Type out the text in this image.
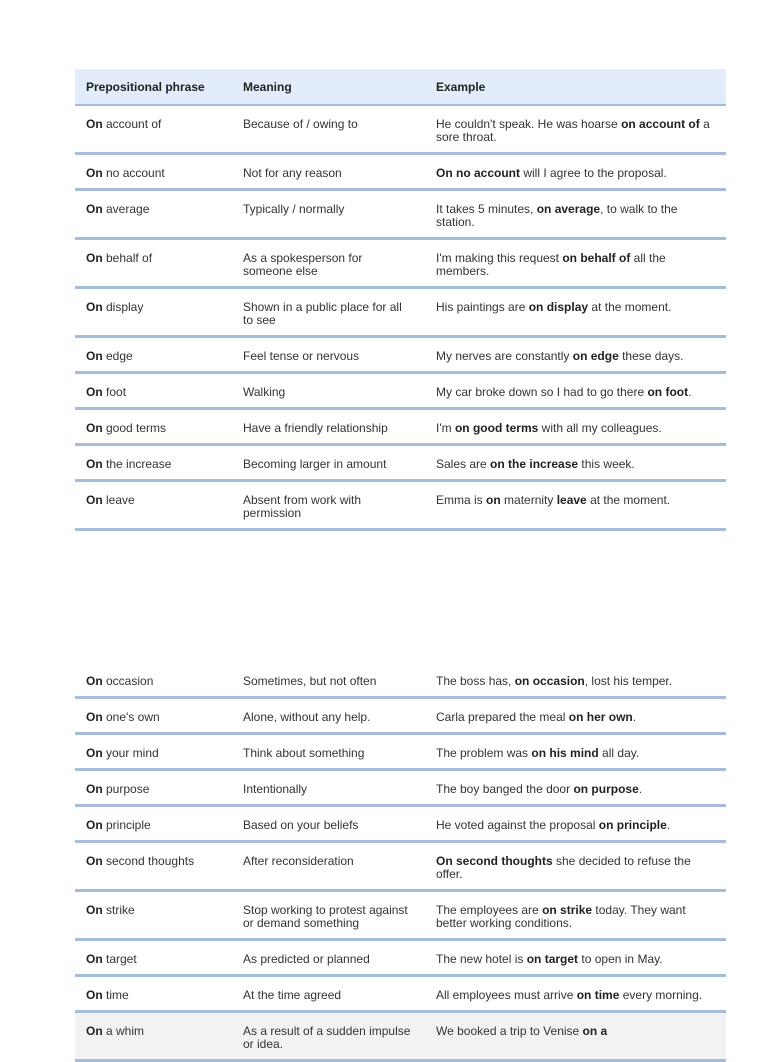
Prepositional phrase	Meaning	Example
On account of	Because of / owing to	He couldn't speak. He was hoarse on account of a sore throat.
On no account	Not for any reason	On no account will I agree to the proposal.
On average	Typically / normally	It takes 5 minutes, on average, to walk to the station.
On behalf of	As a spokesperson for someone else	I'm making this request on behalf of all the members.
On display	Shown in a public place for all to see	His paintings are on display at the moment.
On edge	Feel tense or nervous	My nerves are constantly on edge these days.
On foot	Walking	My car broke down so I had to go there on foot.
On good terms	Have a friendly relationship	I'm on good terms with all my colleagues.
On the increase	Becoming larger in amount	Sales are on the increase this week.
On leave	Absent from work with permission	Emma is on maternity leave at the moment.
On occasion	Sometimes, but not often	The boss has, on occasion, lost his temper.
On one's own	Alone, without any help.	Carla prepared the meal on her own.
On your mind	Think about something	The problem was on his mind all day.
On purpose	Intentionally	The boy banged the door on purpose.
On principle	Based on your beliefs	He voted against the proposal on principle.
On second thoughts	After reconsideration	On second thoughts she decided to refuse the offer.
On strike	Stop working to protest against or demand something	The employees are on strike today. They want better working conditions.
On target	As predicted or planned	The new hotel is on target to open in May.
On time	At the time agreed	All employees must arrive on time every morning.
On a whim	As a result of a sudden impulse or idea.	We booked a trip to Venise on a
